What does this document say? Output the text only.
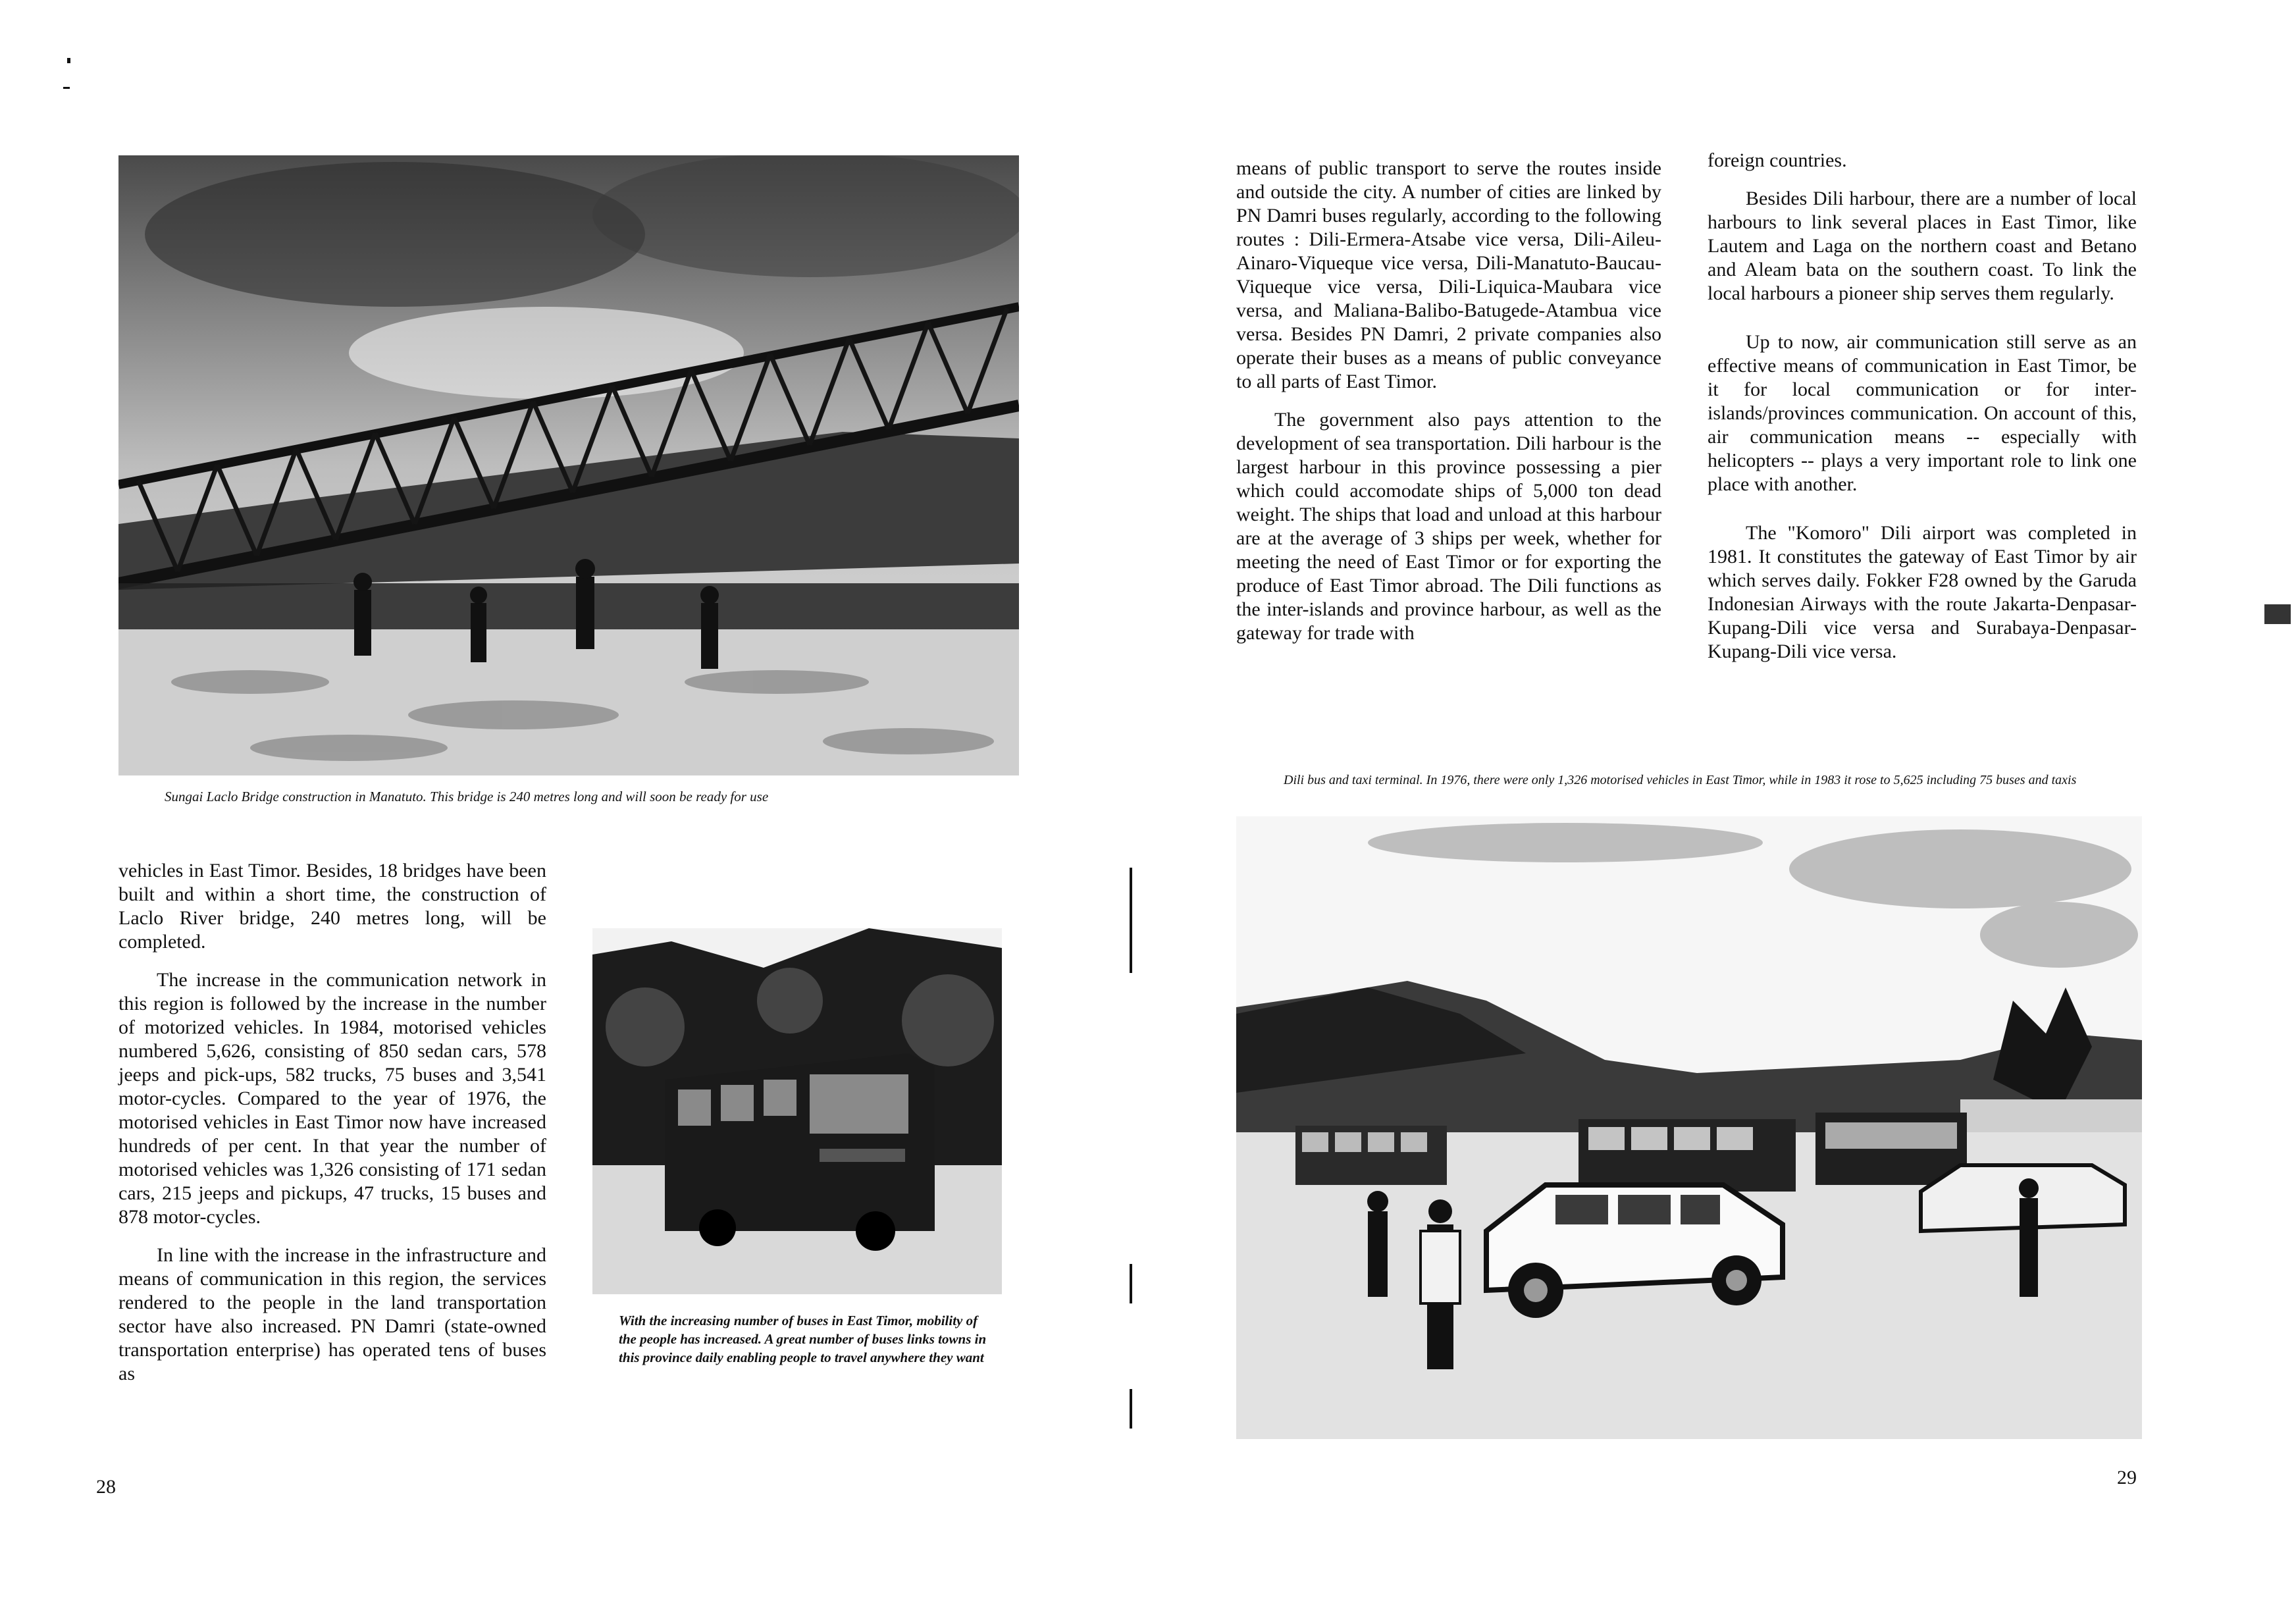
Sungai Laclo Bridge construction in Manatuto. This bridge is 240 metres long and will soon be ready for use

vehicles in East Timor. Besides, 18 bridges have been built and within a short time, the construction of Laclo River bridge, 240 metres long, will be completed.

The increase in the communication network in this region is followed by the increase in the number of motorized vehicles. In 1984, motorised vehicles numbered 5,626, consisting of 850 sedan cars, 578 jeeps and pick-ups, 582 trucks, 75 buses and 3,541 motor-cycles. Compared to the year of 1976, the motorised vehicles in East Timor now have increased hundreds of per cent. In that year the number of motorised vehicles was 1,326 consisting of 171 sedan cars, 215 jeeps and pickups, 47 trucks, 15 buses and 878 motor-cycles.

In line with the increase in the infrastructure and means of communication in this region, the services rendered to the people in the land transportation sector have also increased. PN Damri (state-owned transportation enterprise) has operated tens of buses as

With the increasing number of buses in East Timor, mobility of the people has increased. A great number of buses links towns in this province daily enabling people to travel anywhere they want
28

means of public transport to serve the routes inside and outside the city. A number of cities are linked by PN Damri buses regularly, according to the following routes : Dili-Ermera-Atsabe vice versa, Dili-Aileu-Ainaro-Viqueque vice versa, Dili-Manatuto-Baucau-Viqueque vice versa, Dili-Liquica-Maubara vice versa, and Maliana-Balibo-Batugede-Atambua vice versa. Besides PN Damri, 2 private companies also operate their buses as a means of public conveyance to all parts of East Timor.

The government also pays attention to the development of sea transportation. Dili harbour is the largest harbour in this province possessing a pier which could accomodate ships of 5,000 ton dead weight. The ships that load and unload at this harbour are at the average of 3 ships per week, whether for meeting the need of East Timor or for exporting the produce of East Timor abroad. The Dili functions as the inter-islands and province harbour, as well as the gateway for trade with

foreign countries.

Besides Dili harbour, there are a number of local harbours to link several places in East Timor, like Lautem and Laga on the northern coast and Betano and Aleam bata on the southern coast. To link the local harbours a pioneer ship serves them regularly.

Up to now, air communication still serve as an effective means of communication in East Timor, be it for local communication or for inter-islands/provinces communication. On account of this, air communication means -- especially with helicopters -- plays a very important role to link one place with another.

The "Komoro" Dili airport was completed in 1981. It constitutes the gateway of East Timor by air which serves daily. Fokker F28 owned by the Garuda Indonesian Airways with the route Jakarta-Denpasar-Kupang-Dili vice versa and Surabaya-Denpasar-Kupang-Dili vice versa.

Dili bus and taxi terminal. In 1976, there were only 1,326 motorised vehicles in East Timor, while in 1983 it rose to 5,625 including 75 buses and taxis
29
